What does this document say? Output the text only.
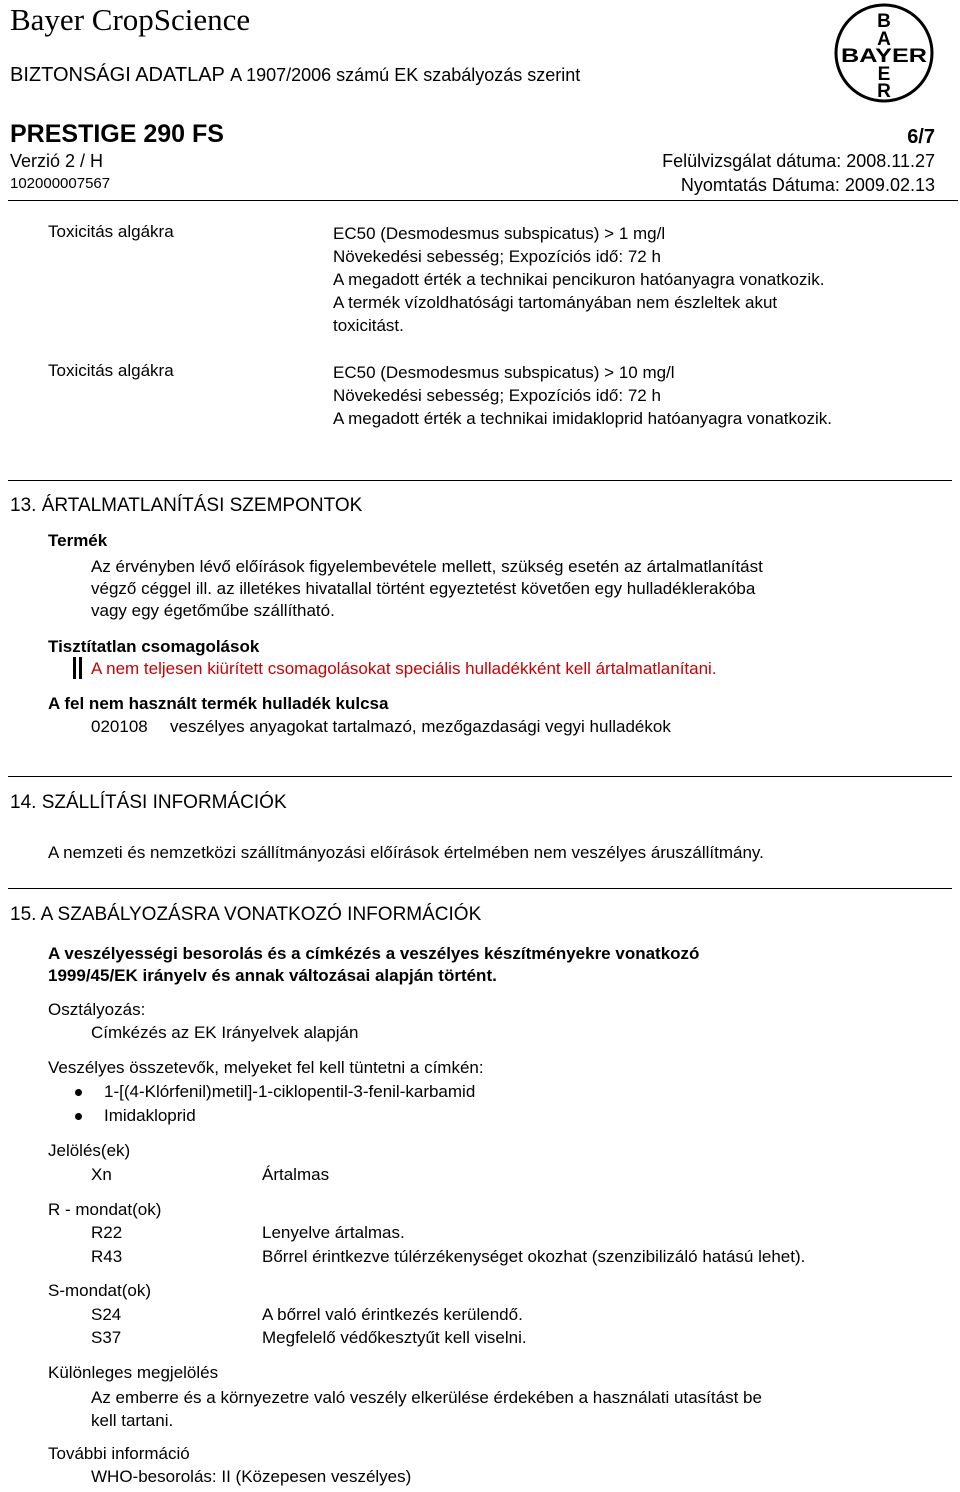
Bayer CropScience
BIZTONSÁGI ADATLAP A 1907/2006 számú EK szabályozás szerint
B
A
BAYER
E
R
PRESTIGE 290 FS	6/7
Verzió 2 / H	Felülvizsgálat dátuma: 2008.11.27
102000007567	Nyomtatás Dátuma: 2009.02.13
Toxicitás algákra	EC50 (Desmodesmus subspicatus) > 1 mg/l
Növekedési sebesség; Expozíciós idő: 72 h
A megadott érték a technikai pencikuron hatóanyagra vonatkozik.
A termék vízoldhatósági tartományában nem észleltek akut
toxicitást.
Toxicitás algákra	EC50 (Desmodesmus subspicatus) > 10 mg/l
Növekedési sebesség; Expozíciós idő: 72 h
A megadott érték a technikai imidakloprid hatóanyagra vonatkozik.
13. ÁRTALMATLANÍTÁSI SZEMPONTOK
Termék
Az érvényben lévő előírások figyelembevétele mellett, szükség esetén az ártalmatlanítást
végző céggel ill. az illetékes hivatallal történt egyeztetést követően egy hulladéklerakóba
vagy egy égetőműbe szállítható.
Tisztítatlan csomagolások
A nem teljesen kiürített csomagolásokat speciális hulladékként kell ártalmatlanítani.
A fel nem használt termék hulladék kulcsa
020108 veszélyes anyagokat tartalmazó, mezőgazdasági vegyi hulladékok
14. SZÁLLÍTÁSI INFORMÁCIÓK
A nemzeti és nemzetközi szállítmányozási előírások értelmében nem veszélyes áruszállítmány.
15. A SZABÁLYOZÁSRA VONATKOZÓ INFORMÁCIÓK
A veszélyességi besorolás és a címkézés a veszélyes készítményekre vonatkozó
1999/45/EK irányelv és annak változásai alapján történt.
Osztályozás:
Címkézés az EK Irányelvek alapján
Veszélyes összetevők, melyeket fel kell tüntetni a címkén:
1-[(4-Klórfenil)metil]-1-ciklopentil-3-fenil-karbamid
Imidakloprid
Jelölés(ek)
Xn	Ártalmas
R - mondat(ok)
R22	Lenyelve ártalmas.
R43	Bőrrel érintkezve túlérzékenységet okozhat (szenzibilizáló hatású lehet).
S-mondat(ok)
S24	A bőrrel való érintkezés kerülendő.
S37	Megfelelő védőkesztyűt kell viselni.
Különleges megjelölés
Az emberre és a környezetre való veszély elkerülése érdekében a használati utasítást be
kell tartani.
További információ
WHO-besorolás: II (Közepesen veszélyes)
